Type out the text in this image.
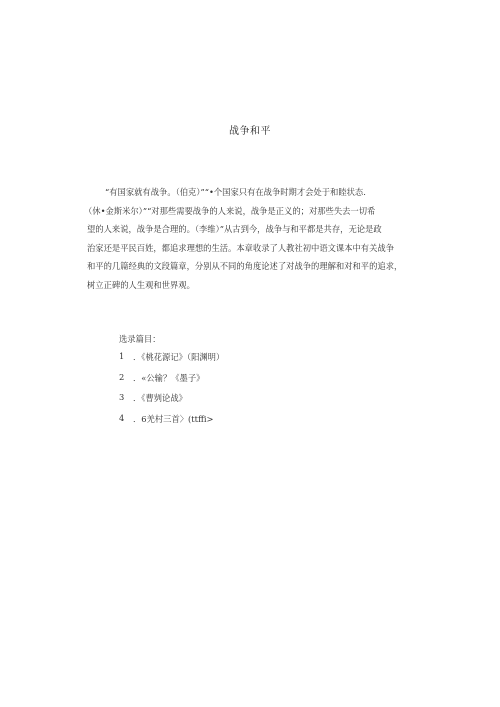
战争和平
“有国家就有战争。（伯克）”“•个国家只有在战争时期才会处于和睦状态.
（休•金斯米尔）”“对那些需要战争的人来说，战争是正义的；对那些失去一切希
望的人来说，战争是合理的。（李维）”从古到今，战争与和平都是共存，无论是政
治家还是平民百姓，都追求理想的生活。本章收录了人教社初中语文课本中有关战争
和平的几篇经典的文段篇章，分别从不同的角度论述了对战争的理解和对和平的追求，
树立正碑的人生观和世界观。
选录篇目：
1	．《桃花源记》（阳渊明）
2	．«公输？《墨子》
3	．《曹刿论战》
4	．6羌村三首〉(ttffi>
